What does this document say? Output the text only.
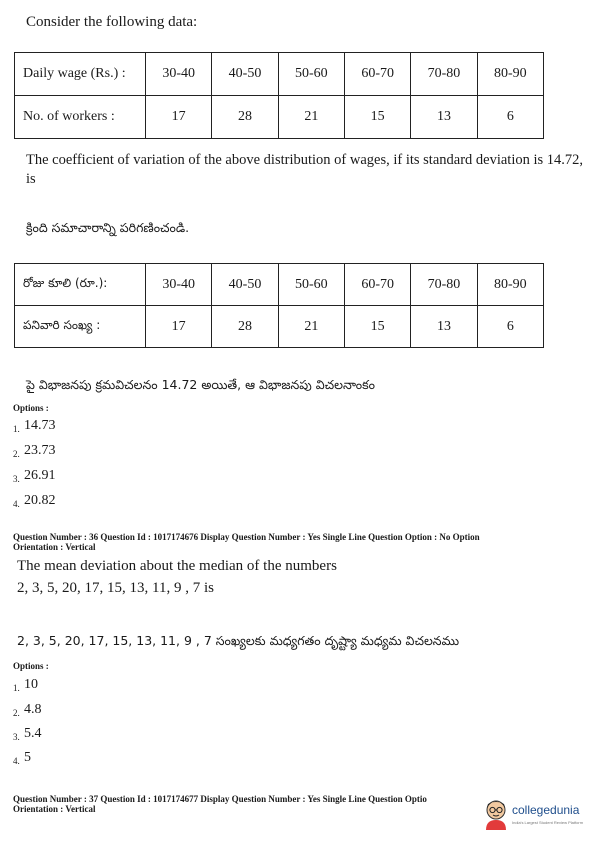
Consider the following data:
Daily wage (Rs.) :	30-40	40-50	50-60	60-70	70-80	80-90
No. of workers :	17	28	21	15	13	6
The coefficient of variation of the above distribution of wages, if its standard deviation is 14.72, is
క్రింది సమాచారాన్ని పరిగణించండి.
రోజు కూలి (రూ.):	30-40	40-50	50-60	60-70	70-80	80-90
పనివారి సంఖ్య :	17	28	21	15	13	6
పై విభాజనపు క్రమవిచలనం 14.72 అయితే, ఆ విభాజనపు విచలనాంకం
Options :
1. 14.73
2. 23.73
3. 26.91
4. 20.82
Question Number : 36 Question Id : 1017174676 Display Question Number : Yes Single Line Question Option : No Option
Orientation : Vertical
The mean deviation about the median of the numbers
2, 3, 5, 20, 17, 15, 13, 11, 9 , 7 is
2, 3, 5, 20, 17, 15, 13, 11, 9 , 7 సంఖ్యలకు మధ్యగతం దృష్ట్యా మధ్యమ విచలనము
Options :
1. 10
2. 4.8
3. 5.4
4. 5
Question Number : 37 Question Id : 1017174677 Display Question Number : Yes Single Line Question Optio
Orientation : Vertical	collegedunia
India's Largest Student Review Platform
